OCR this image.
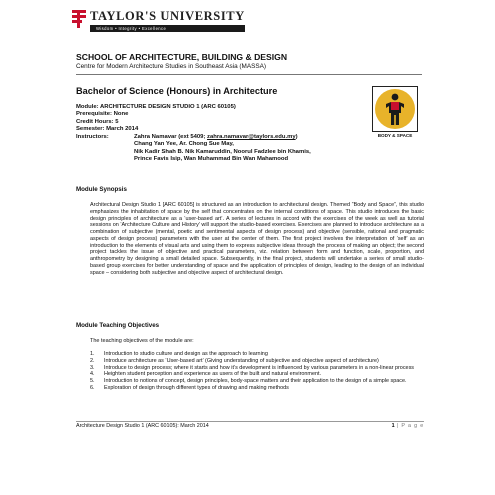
TAYLOR'S UNIVERSITY
Wisdom • Integrity • Excellence
SCHOOL OF ARCHITECTURE, BUILDING & DESIGN
Centre for Modern Architecture Studies in Southeast Asia (MASSA)
Bachelor of Science (Honours) in Architecture
Module: ARCHITECTURE DESIGN STUDIO 1 (ARC 60105)
Prerequisite: None
Credit Hours: 5
Semester: March 2014
Instructors:	Zahra Namavar (ext 5409; zahra.namavar@taylors.edu.my)
Chang Yan Yee, Ar. Chong Sue May,
Nik Kadir Shah B. Nik Kamaruddin, Noorul Fadzlee bin Khamis,
Prince Favis Isip, Wan Muhammad Bin Wan Mahamood
BODY & SPACE
Module Synopsis
Architectural Design Studio 1 [ARC 60105] is structured as an introduction to architectural design. Themed “Body and Space”, this studio emphasizes the inhabitation of space by the self that concentrates on the internal conditions of space. This studio introduces the basic design principles of architecture as a ‘user-based art’. A series of lectures in accord with the exercises of the week as well as tutorial sessions on ‘Architecture Culture and History’ will support the studio-based exercises. Exercises are planned to introduce architecture as a combination of subjective (mental, poetic and sentimental aspects of design process) and objective (sensible, rational and pragmatic aspects of design process) parameters with the user at the center of them. The first project involves the interpretation of ‘self’ as an introduction to the elements of visual arts and using them to express subjective ideas through the process of making an object; the second project tackles the issue of objective and practical parameters, viz. relation between form and function, scale, proportion, and anthropometry by designing a small detailed space. Subsequently, in the final project, students will undertake a series of small studio-based group exercises for better understanding of space and the application of principles of design, leading to the design of an individual space – considering both subjective and objective aspect of architectural design.
Module Teaching Objectives
The teaching objectives of the module are:
1. Introduction to studio culture and design as the approach to learning
2. Introduce architecture as ‘User-based art’ (Giving understanding of subjective and objective aspect of architecture)
3. Introduce to design process; where it starts and how it’s development is influenced by various parameters in a non-linear process
4. Heighten student perception and experience as users of the built and natural environment.
5. Introduction to notions of concept, design principles, body-space matters and their application to the design of a simple space.
6. Exploration of design through different types of drawing and making methods
Architecture Design Studio 1 (ARC 60105): March 2014	1 | P a g e
